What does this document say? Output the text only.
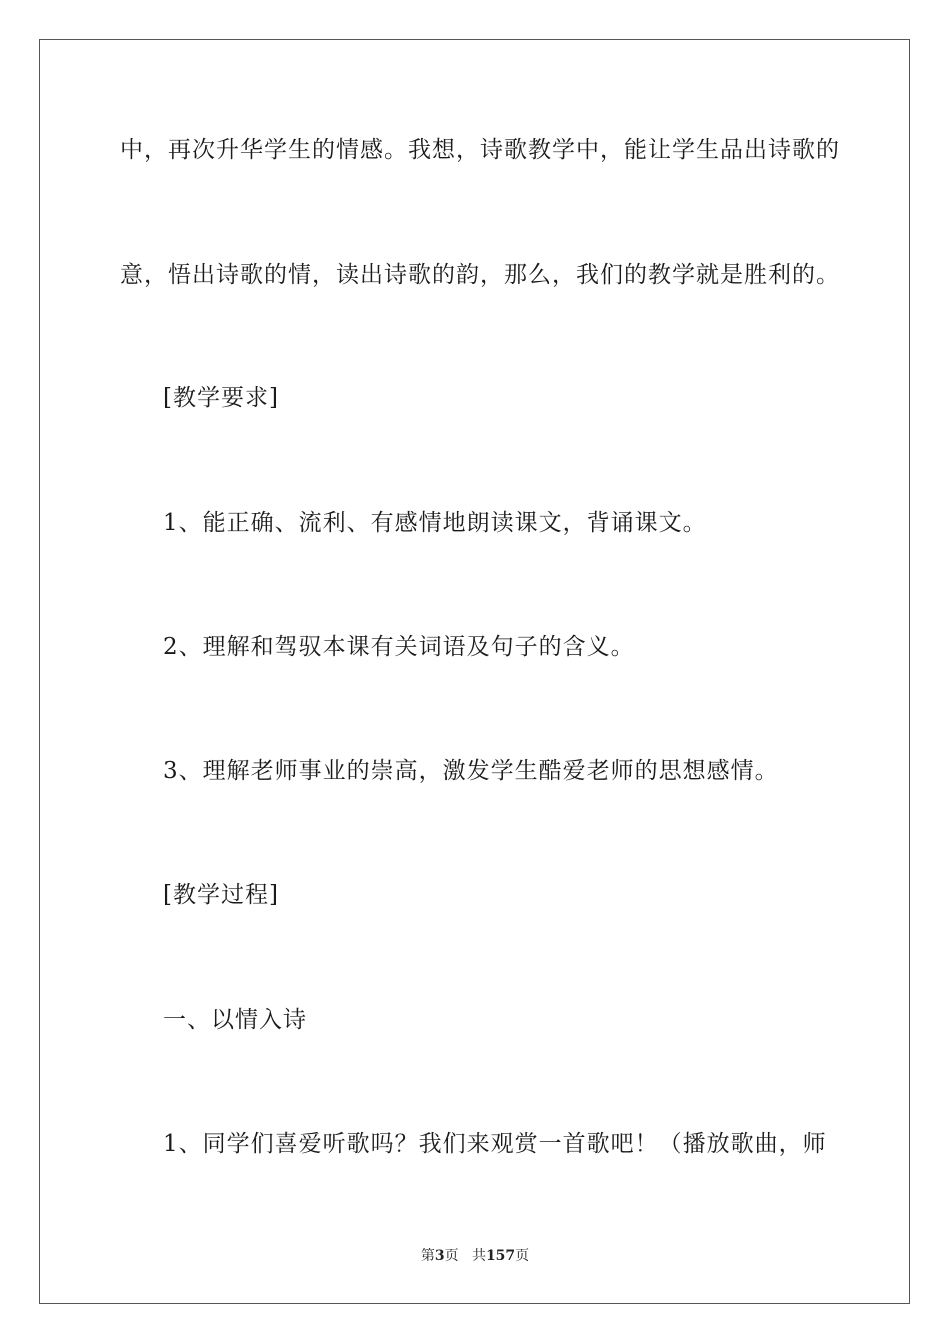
中，再次升华学生的情感。我想，诗歌教学中，能让学生品出诗歌的
意，悟出诗歌的情，读出诗歌的韵，那么，我们的教学就是胜利的。
[教学要求]
1、能正确、流利、有感情地朗读课文，背诵课文。
2、理解和驾驭本课有关词语及句子的含义。
3、理解老师事业的崇高，激发学生酷爱老师的思想感情。
[教学过程]
一、以情入诗
1、同学们喜爱听歌吗？我们来观赏一首歌吧！（播放歌曲，师
第3页 共157页
